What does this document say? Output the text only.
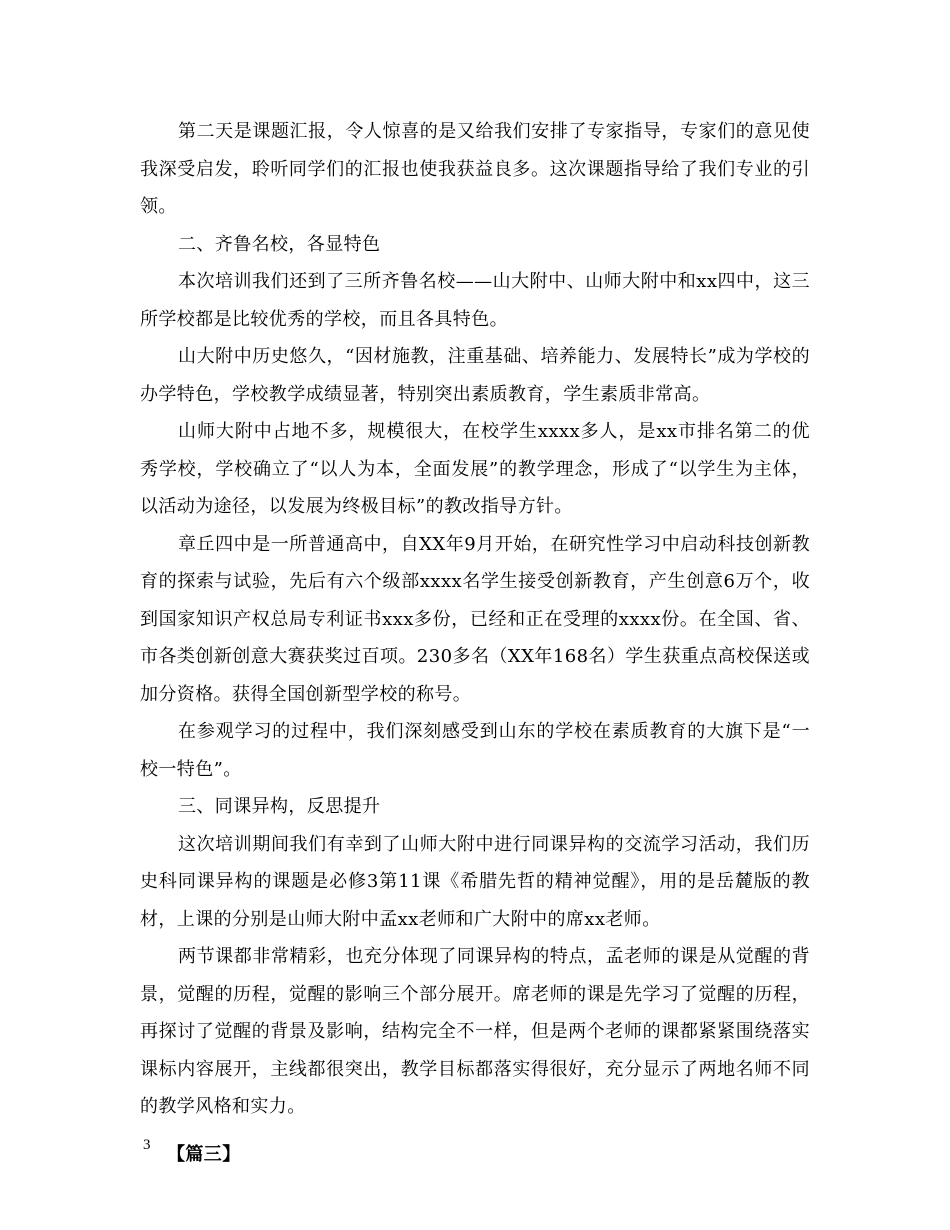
第二天是课题汇报，令人惊喜的是又给我们安排了专家指导，专家们的意见使我深受启发，聆听同学们的汇报也使我获益良多。这次课题指导给了我们专业的引领。

二、齐鲁名校，各显特色

本次培训我们还到了三所齐鲁名校——山大附中、山师大附中和xx四中，这三所学校都是比较优秀的学校，而且各具特色。

山大附中历史悠久，“因材施教，注重基础、培养能力、发展特长”成为学校的办学特色，学校教学成绩显著，特别突出素质教育，学生素质非常高。

山师大附中占地不多，规模很大，在校学生xxxx多人，是xx市排名第二的优秀学校，学校确立了“以人为本，全面发展”的教学理念，形成了“以学生为主体，以活动为途径，以发展为终极目标”的教改指导方针。

章丘四中是一所普通高中，自XX年9月开始，在研究性学习中启动科技创新教育的探索与试验，先后有六个级部xxxx名学生接受创新教育，产生创意6万个，收到国家知识产权总局专利证书xxx多份，已经和正在受理的xxxx份。在全国、省、市各类创新创意大赛获奖过百项。230多名（XX年168名）学生获重点高校保送或加分资格。获得全国创新型学校的称号。

在参观学习的过程中，我们深刻感受到山东的学校在素质教育的大旗下是“一校一特色”。

三、同课异构，反思提升

这次培训期间我们有幸到了山师大附中进行同课异构的交流学习活动，我们历史科同课异构的课题是必修3第11课《希腊先哲的精神觉醒》，用的是岳麓版的教材，上课的分别是山师大附中孟xx老师和广大附中的席xx老师。

两节课都非常精彩，也充分体现了同课异构的特点，孟老师的课是从觉醒的背景，觉醒的历程，觉醒的影响三个部分展开。席老师的课是先学习了觉醒的历程，再探讨了觉醒的背景及影响，结构完全不一样，但是两个老师的课都紧紧围绕落实课标内容展开，主线都很突出，教学目标都落实得很好，充分显示了两地名师不同的教学风格和实力。

【篇三】

3
